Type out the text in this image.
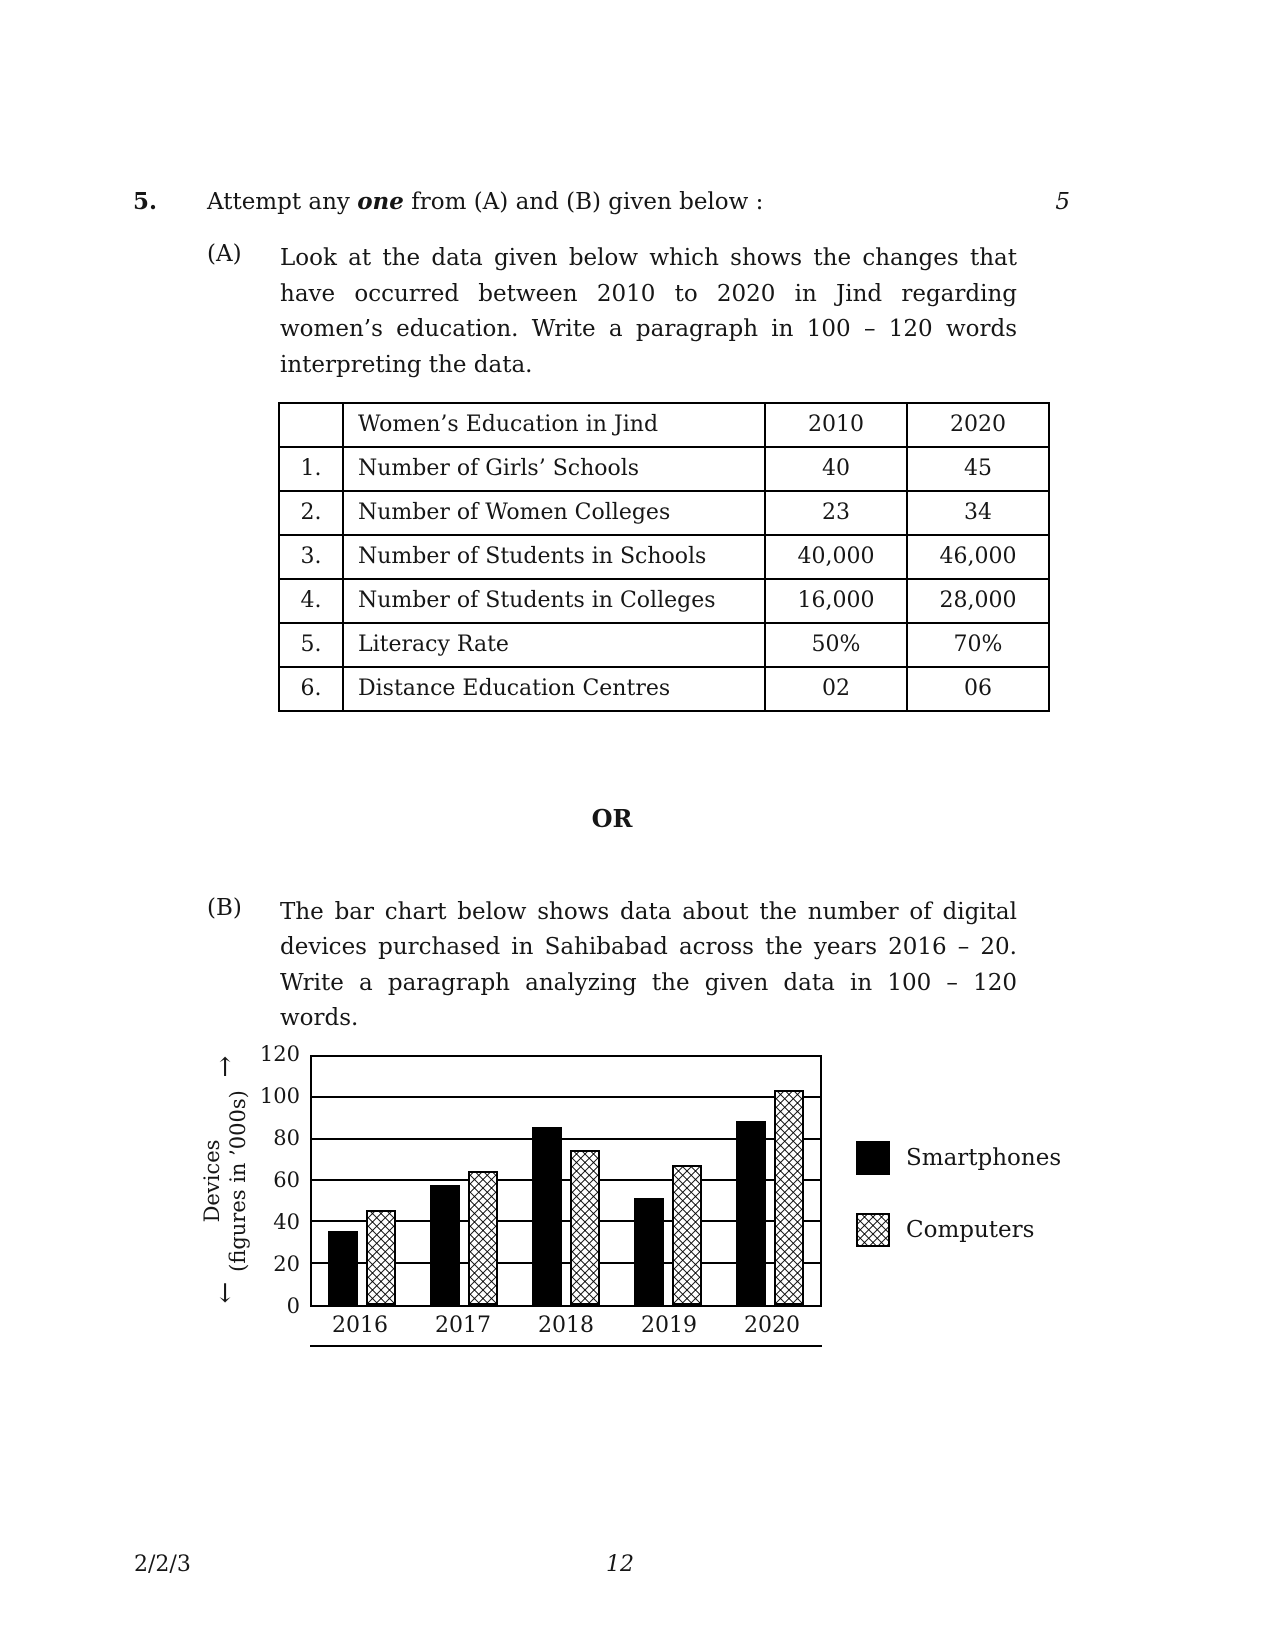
5.	Attempt any one from (A) and (B) given below :	5
(A)	Look at the data given below which shows the changes that have occurred between 2010 to 2020 in Jind regarding women’s education. Write a paragraph in 100 – 120 words interpreting the data.

	Women’s Education in Jind	2010	2020
1.	Number of Girls’ Schools	40	45
2.	Number of Women Colleges	23	34
3.	Number of Students in Schools	40,000	46,000
4.	Number of Students in Colleges	16,000	28,000
5.	Literacy Rate	50%	70%
6.	Distance Education Centres	02	06
OR
(B)	The bar chart below shows data about the number of digital devices purchased in Sahibabad across the years 2016 – 20. Write a paragraph analyzing the given data in 100 – 120 words.

↑
Devices (figures in ’000s)
↓ 0
20
40
60
80
100
120
2016 2017 2018 2019 2020
Smartphones
Computers
2/2/3	12
